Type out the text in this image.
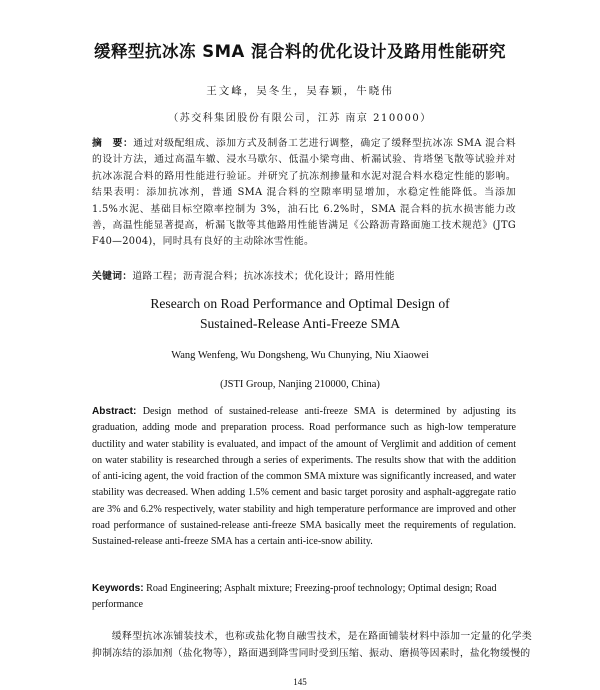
缓释型抗冰冻 SMA 混合料的优化设计及路用性能研究
王文峰，吴冬生，吴春颖，牛晓伟
（苏交科集团股份有限公司，江苏 南京 210000）

摘　要：通过对级配组成、添加方式及制备工艺进行调整，确定了缓释型抗冰冻 SMA 混合料的设计方法，通过高温车辙、浸水马歇尔、低温小梁弯曲、析漏试验、肯塔堡飞散等试验并对抗冰冻混合料的路用性能进行验证。并研究了抗冻剂掺量和水泥对混合料水稳定性能的影响。结果表明：添加抗冰剂，普通 SMA 混合料的空隙率明显增加，水稳定性能降低。当添加 1.5%水泥、基础目标空隙率控制为 3%，油石比 6.2%时，SMA 混合料的抗水损害能力改善，高温性能显著提高，析漏飞散等其他路用性能皆满足《公路沥青路面施工技术规范》(JTG F40—2004)，同时具有良好的主动除冰雪性能。

关键词：道路工程；沥青混合料；抗冰冻技术；优化设计；路用性能

Research on Road Performance and Optimal Design of
Sustained-Release Anti-Freeze SMA
Wang Wenfeng, Wu Dongsheng, Wu Chunying, Niu Xiaowei
(JSTI Group, Nanjing 210000, China)

Abstract: Design method of sustained-release anti-freeze SMA is determined by adjusting its graduation, adding mode and preparation process. Road performance such as high-low temperature ductility and water stability is evaluated, and impact of the amount of Verglimit and addition of cement on water stability is researched through a series of experiments. The results show that with the addition of anti-icing agent, the void fraction of the common SMA mixture was significantly increased, and water stability was decreased. When adding 1.5% cement and basic target porosity and asphalt-aggregate ratio are 3% and 6.2% respectively, water stability and high temperature performance are improved and other road performance of sustained-release anti-freeze SMA basically meet the requirements of regulation. Sustained-release anti-freeze SMA has a certain anti-ice-snow ability.

Keywords: Road Engineering; Asphalt mixture; Freezing-proof technology; Optimal design; Road performance

缓释型抗冰冻铺装技术，也称或盐化物自融雪技术，是在路面铺装材料中添加一定量的化学类抑制冻结的添加剂（盐化物等），路面遇到降雪同时受到压缩、振动、磨损等因素时，盐化物缓慢的

145
